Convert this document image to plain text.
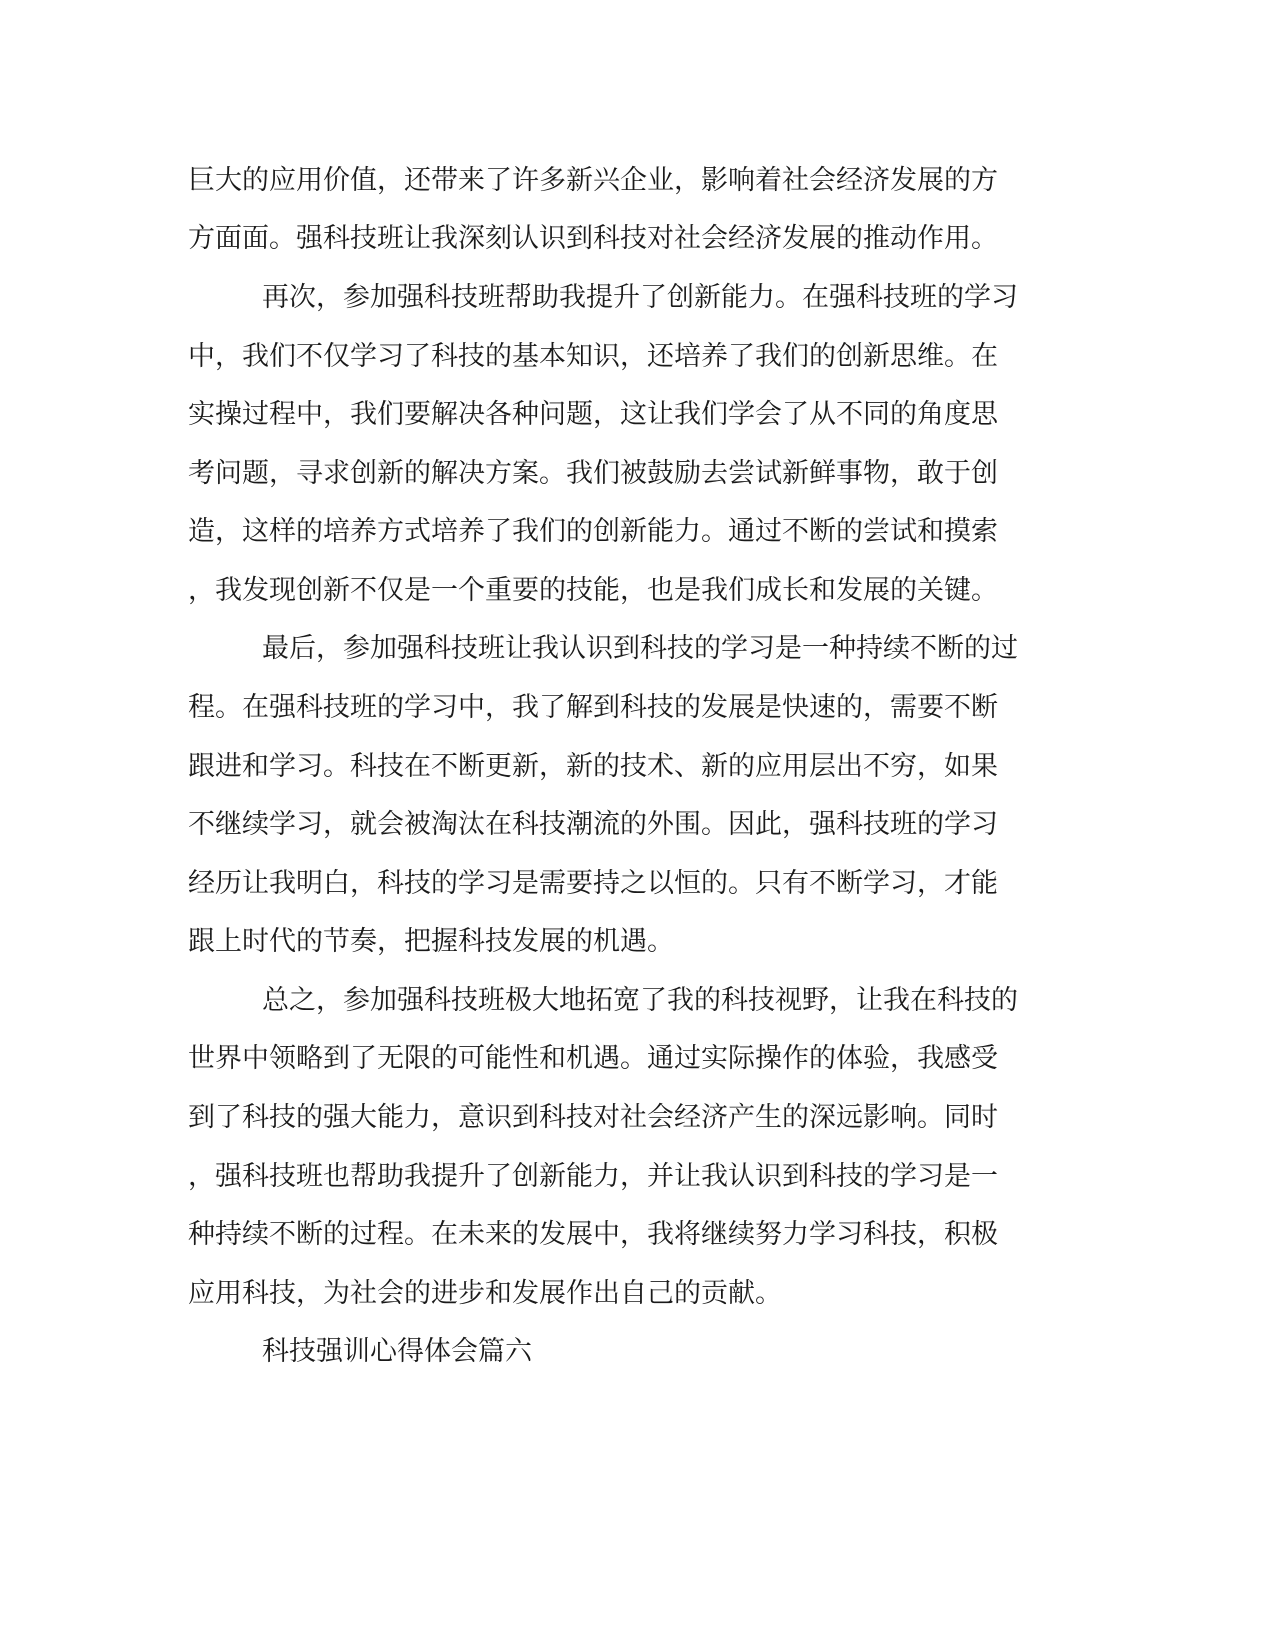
巨大的应用价值，还带来了许多新兴企业，影响着社会经济发展的方
方面面。强科技班让我深刻认识到科技对社会经济发展的推动作用。
再次，参加强科技班帮助我提升了创新能力。在强科技班的学习
中，我们不仅学习了科技的基本知识，还培养了我们的创新思维。在
实操过程中，我们要解决各种问题，这让我们学会了从不同的角度思
考问题，寻求创新的解决方案。我们被鼓励去尝试新鲜事物，敢于创
造，这样的培养方式培养了我们的创新能力。通过不断的尝试和摸索
，我发现创新不仅是一个重要的技能，也是我们成长和发展的关键。
最后，参加强科技班让我认识到科技的学习是一种持续不断的过
程。在强科技班的学习中，我了解到科技的发展是快速的，需要不断
跟进和学习。科技在不断更新，新的技术、新的应用层出不穷，如果
不继续学习，就会被淘汰在科技潮流的外围。因此，强科技班的学习
经历让我明白，科技的学习是需要持之以恒的。只有不断学习，才能
跟上时代的节奏，把握科技发展的机遇。
总之，参加强科技班极大地拓宽了我的科技视野，让我在科技的
世界中领略到了无限的可能性和机遇。通过实际操作的体验，我感受
到了科技的强大能力，意识到科技对社会经济产生的深远影响。同时
，强科技班也帮助我提升了创新能力，并让我认识到科技的学习是一
种持续不断的过程。在未来的发展中，我将继续努力学习科技，积极
应用科技，为社会的进步和发展作出自己的贡献。
科技强训心得体会篇六
